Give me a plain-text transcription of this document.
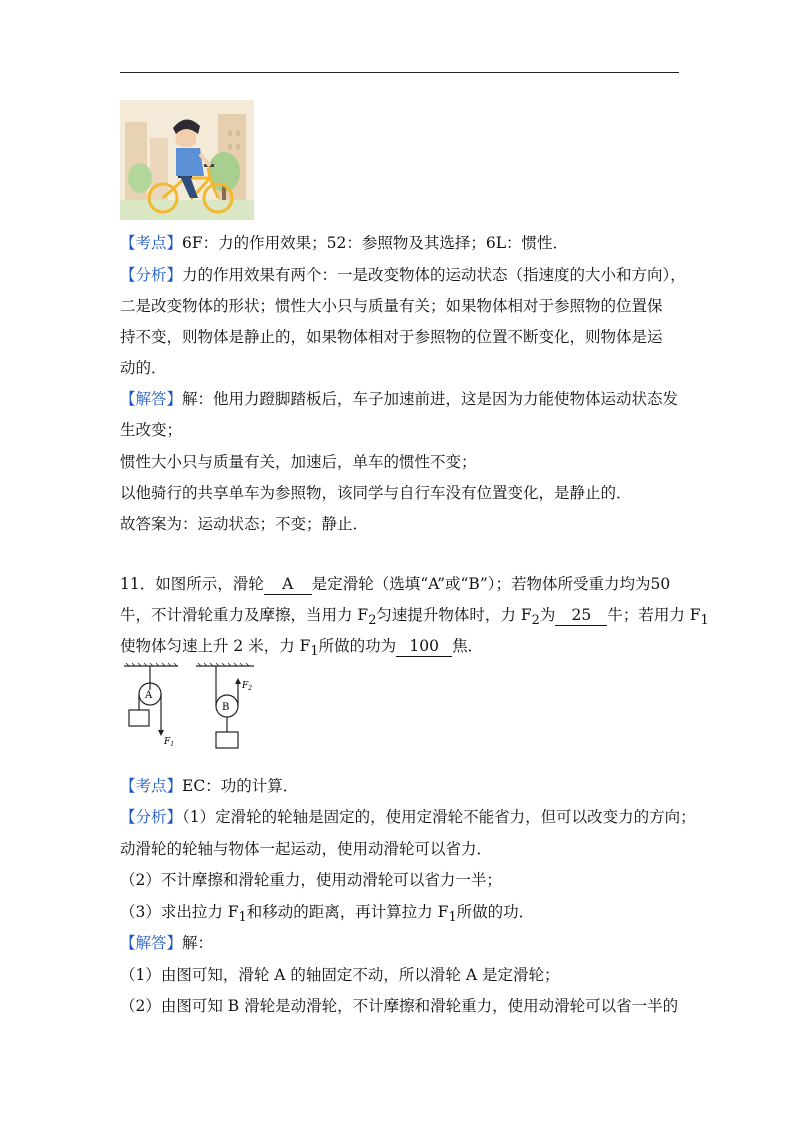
【考点】6F：力的作用效果；52：参照物及其选择；6L：惯性．
【分析】力的作用效果有两个：一是改变物体的运动状态（指速度的大小和方向），
二是改变物体的形状；惯性大小只与质量有关；如果物体相对于参照物的位置保
持不变，则物体是静止的，如果物体相对于参照物的位置不断变化，则物体是运
动的．
【解答】解：他用力蹬脚踏板后，车子加速前进，这是因为力能使物体运动状态发
生改变；
惯性大小只与质量有关，加速后，单车的惯性不变；
以他骑行的共享单车为参照物，该同学与自行车没有位置变化，是静止的．
故答案为：运动状态；不变；静止．
11．如图所示，滑轮 A 是定滑轮（选填“A”或“B”）；若物体所受重力均为50
牛，不计滑轮重力及摩擦，当用力 $F_2$匀速提升物体时，力 $F_2$为 25 牛；若用力 $F_1$
使物体匀速上升 2 米，力 $F_1$所做的功为 100 焦．
A
$F_1$
B
$F_2$
【考点】EC：功的计算．
【分析】（1）定滑轮的轮轴是固定的，使用定滑轮不能省力，但可以改变力的方向；
动滑轮的轮轴与物体一起运动，使用动滑轮可以省力．
（2）不计摩擦和滑轮重力，使用动滑轮可以省力一半；
（3）求出拉力 $F_1$和移动的距离，再计算拉力 $F_1$所做的功．
【解答】解：
（1）由图可知，滑轮 A 的轴固定不动，所以滑轮 A 是定滑轮；
（2）由图可知 B 滑轮是动滑轮，不计摩擦和滑轮重力，使用动滑轮可以省一半的
